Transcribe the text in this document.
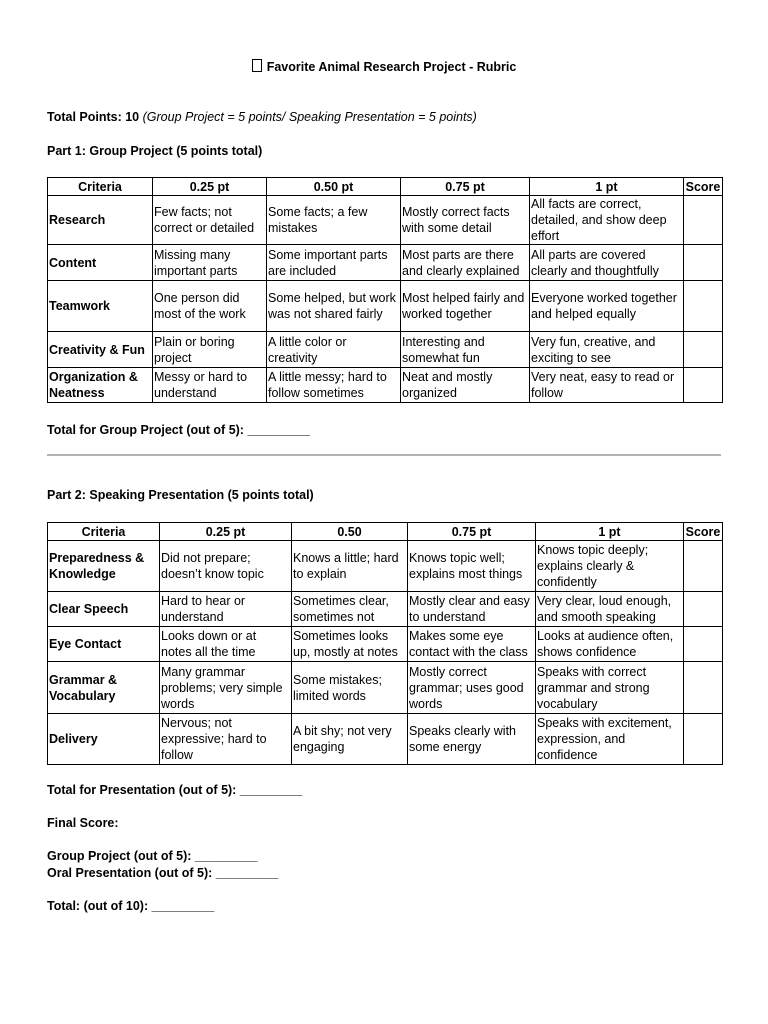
Favorite Animal Research Project - Rubric
Total Points: 10 (Group Project = 5 points/ Speaking Presentation = 5 points)
Part 1: Group Project (5 points total)
Criteria	0.25 pt	0.50 pt	0.75 pt	1 pt	Score
Research	Few facts; not correct or detailed	Some facts; a few mistakes	Mostly correct facts with some detail	All facts are correct, detailed, and show deep effort	
Content	Missing many important parts	Some important parts are included	Most parts are there and clearly explained	All parts are covered clearly and thoughtfully	
Teamwork	One person did most of the work	Some helped, but work was not shared fairly	Most helped fairly and worked together	Everyone worked together and helped equally	
Creativity & Fun	Plain or boring project	A little color or creativity	Interesting and somewhat fun	Very fun, creative, and exciting to see	
Organization & Neatness	Messy or hard to understand	A little messy; hard to follow sometimes	Neat and mostly organized	Very neat, easy to read or follow	
Total for Group Project (out of 5): _________
Part 2: Speaking Presentation (5 points total)
Criteria	0.25 pt	0.50	0.75 pt	1 pt	Score
Preparedness & Knowledge	Did not prepare; doesn’t know topic	Knows a little; hard to explain	Knows topic well; explains most things	Knows topic deeply; explains clearly & confidently	
Clear Speech	Hard to hear or understand	Sometimes clear, sometimes not	Mostly clear and easy to understand	Very clear, loud enough, and smooth speaking	
Eye Contact	Looks down or at notes all the time	Sometimes looks up, mostly at notes	Makes some eye contact with the class	Looks at audience often, shows confidence	
Grammar & Vocabulary	Many grammar problems; very simple words	Some mistakes; limited words	Mostly correct grammar; uses good words	Speaks with correct grammar and strong vocabulary	
Delivery	Nervous; not expressive; hard to follow	A bit shy; not very engaging	Speaks clearly with some energy	Speaks with excitement, expression, and confidence	
Total for Presentation (out of 5): _________
Final Score:
Group Project (out of 5): _________
Oral Presentation (out of 5): _________
Total: (out of 10): _________
